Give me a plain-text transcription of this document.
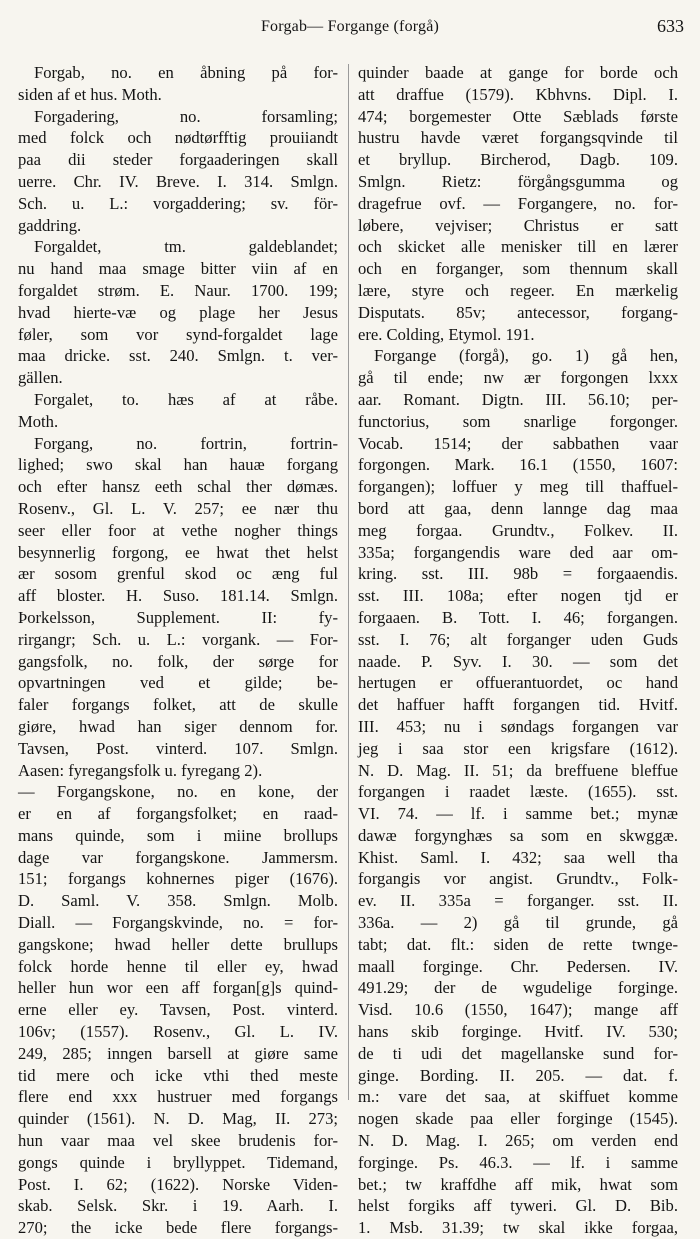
Forgab— Forgange (forgå)	633
Forgab, no. en åbning på for-
siden af et hus. Moth.
Forgadering, no. forsamling;
med folck och nødtørfftig prouiiandt
paa dii steder forgaaderingen skall
uerre. Chr. IV. Breve. I. 314. Smlgn.
Sch. u. L.: vorgaddering; sv. för-
gaddring.
Forgaldet, tm. galdeblandet;
nu hand maa smage bitter viin af en
forgaldet strøm. E. Naur. 1700. 199;
hvad hierte-væ og plage her Jesus
føler, som vor synd-forgaldet lage
maa dricke. sst. 240. Smlgn. t. ver-
gällen.
Forgalet, to. hæs af at råbe.
Moth.
Forgang, no. fortrin, fortrin-
lighed; swo skal han hauæ forgang
och efter hansz eeth schal ther dømæs.
Rosenv., Gl. L. V. 257; ee nær thu
seer eller foor at vethe nogher things
besynnerlig forgong, ee hwat thet helst
ær sosom grenful skod oc æng ful
aff bloster. H. Suso. 181.14. Smlgn.
Þorkelsson, Supplement. II: fy-
rirgangr; Sch. u. L.: vorgank. — For-
gangsfolk, no. folk, der sørge for
opvartningen ved et gilde; be-
faler forgangs folket, att de skulle
giøre, hwad han siger dennom for.
Tavsen, Post. vinterd. 107. Smlgn.
Aasen: fyregangsfolk u. fyregang 2).
— Forgangskone, no. en kone, der
er en af forgangsfolket; en raad-
mans quinde, som i miine brollups
dage var forgangskone. Jammersm.
151; forgangs kohnernes piger (1676).
D. Saml. V. 358. Smlgn. Molb.
Diall. — Forgangskvinde, no. = for-
gangskone; hwad heller dette brullups
folck horde henne til eller ey, hwad
heller hun wor een aff forgan[g]s quind-
erne eller ey. Tavsen, Post. vinterd.
106v; (1557). Rosenv., Gl. L. IV.
249, 285; inngen barsell at giøre same
tid mere och icke vthi thed meste
flere end xxx hustruer med forgangs
quinder (1561). N. D. Mag, II. 273;
hun vaar maa vel skee brudenis for-
gongs quinde i bryllyppet. Tidemand,
Post. I. 62; (1622). Norske Viden-
skab. Selsk. Skr. i 19. Aarh. I.
270; the icke bede flere forgangs-
quinder baade at gange for borde och
att draffue (1579). Kbhvns. Dipl. I.
474; borgemester Otte Sæblads første
hustru havde været forgangsqvinde til
et bryllup. Bircherod, Dagb. 109.
Smlgn. Rietz: förgångsgumma og
dragefrue ovf. — Forgangere, no. for-
løbere, vejviser; Christus er satt
och skicket alle menisker till en lærer
och en forganger, som thennum skall
lære, styre och regeer. En mærkelig
Disputats. 85v; antecessor, forgang-
ere. Colding, Etymol. 191.
Forgange (forgå), go. 1) gå hen,
gå til ende; nw ær forgongen lxxx
aar. Romant. Digtn. III. 56.10; per-
functorius, som snarlige forgonger.
Vocab. 1514; der sabbathen vaar
forgongen. Mark. 16.1 (1550, 1607:
forgangen); loffuer y meg till thaffuel-
bord att gaa, denn lannge dag maa
meg forgaa. Grundtv., Folkev. II.
335a; forgangendis ware ded aar om-
kring. sst. III. 98b = forgaaendis.
sst. III. 108a; efter nogen tjd er
forgaaen. B. Tott. I. 46; forgangen.
sst. I. 76; alt forganger uden Guds
naade. P. Syv. I. 30. — som det
hertugen er offuerantuordet, oc hand
det haffuer hafft forgangen tid. Hvitf.
III. 453; nu i søndags forgangen var
jeg i saa stor een krigsfare (1612).
N. D. Mag. II. 51; da breffuene bleffue
forgangen i raadet læste. (1655). sst.
VI. 74. — lf. i samme bet.; mynæ
dawæ forgynghæs sa som en skwggæ.
Khist. Saml. I. 432; saa well tha
forgangis vor angist. Grundtv., Folk-
ev. II. 335a = forganger. sst. II.
336a. — 2) gå til grunde, gå
tabt; dat. flt.: siden de rette twnge-
maall forginge. Chr. Pedersen. IV.
491.29; der de wgudelige forginge.
Visd. 10.6 (1550, 1647); mange aff
hans skib forginge. Hvitf. IV. 530;
de ti udi det magellanske sund for-
ginge. Bording. II. 205. — dat. f.
m.: vare det saa, at skiffuet komme
nogen skade paa eller forginge (1545).
N. D. Mag. I. 265; om verden end
forginge. Ps. 46.3. — lf. i samme
bet.; tw kraffdhe aff mik, hwat som
helst forgiks aff tyweri. Gl. D. Bib.
1. Msb. 31.39; tw skal ikke forgaa,
